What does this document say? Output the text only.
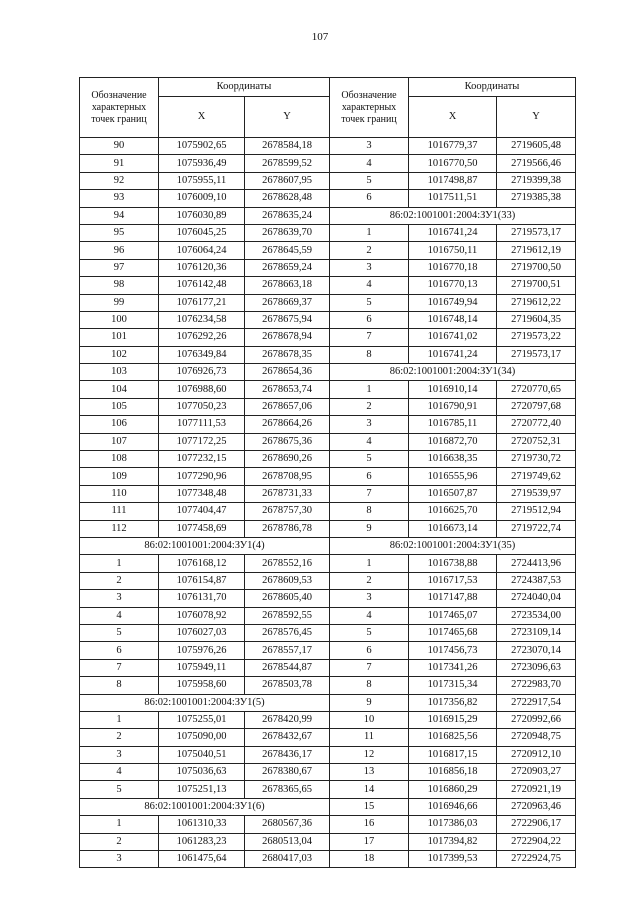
107
Обозначение характерных точек границ	Координаты		Обозначение характерных точек границ	Координаты	
	X	Y		X	Y

90	1075902,65	2678584,18	3	1016779,37	2719605,48
91	1075936,49	2678599,52	4	1016770,50	2719566,46
92	1075955,11	2678607,95	5	1017498,87	2719399,38
93	1076009,10	2678628,48	6	1017511,51	2719385,38
94	1076030,89	2678635,24	86:02:1001001:2004:ЗУ1(33)		
95	1076045,25	2678639,70	1	1016741,24	2719573,17
96	1076064,24	2678645,59	2	1016750,11	2719612,19
97	1076120,36	2678659,24	3	1016770,18	2719700,50
98	1076142,48	2678663,18	4	1016770,13	2719700,51
99	1076177,21	2678669,37	5	1016749,94	2719612,22
100	1076234,58	2678675,94	6	1016748,14	2719604,35
101	1076292,26	2678678,94	7	1016741,02	2719573,22
102	1076349,84	2678678,35	8	1016741,24	2719573,17
103	1076926,73	2678654,36	86:02:1001001:2004:ЗУ1(34)		
104	1076988,60	2678653,74	1	1016910,14	2720770,65
105	1077050,23	2678657,06	2	1016790,91	2720797,68
106	1077111,53	2678664,26	3	1016785,11	2720772,40
107	1077172,25	2678675,36	4	1016872,70	2720752,31
108	1077232,15	2678690,26	5	1016638,35	2719730,72
109	1077290,96	2678708,95	6	1016555,96	2719749,62
110	1077348,48	2678731,33	7	1016507,87	2719539,97
111	1077404,47	2678757,30	8	1016625,70	2719512,94
112	1077458,69	2678786,78	9	1016673,14	2719722,74
86:02:1001001:2004:ЗУ1(4)			86:02:1001001:2004:ЗУ1(35)		
1	1076168,12	2678552,16	1	1016738,88	2724413,96
2	1076154,87	2678609,53	2	1016717,53	2724387,53
3	1076131,70	2678605,40	3	1017147,88	2724040,04
4	1076078,92	2678592,55	4	1017465,07	2723534,00
5	1076027,03	2678576,45	5	1017465,68	2723109,14
6	1075976,26	2678557,17	6	1017456,73	2723070,14
7	1075949,11	2678544,87	7	1017341,26	2723096,63
8	1075958,60	2678503,78	8	1017315,34	2722983,70
86:02:1001001:2004:ЗУ1(5)			9	1017356,82	2722917,54
1	1075255,01	2678420,99	10	1016915,29	2720992,66
2	1075090,00	2678432,67	11	1016825,56	2720948,75
3	1075040,51	2678436,17	12	1016817,15	2720912,10
4	1075036,63	2678380,67	13	1016856,18	2720903,27
5	1075251,13	2678365,65	14	1016860,29	2720921,19
86:02:1001001:2004:ЗУ1(6)			15	1016946,66	2720963,46
1	1061310,33	2680567,36	16	1017386,03	2722906,17
2	1061283,23	2680513,04	17	1017394,82	2722904,22
3	1061475,64	2680417,03	18	1017399,53	2722924,75
